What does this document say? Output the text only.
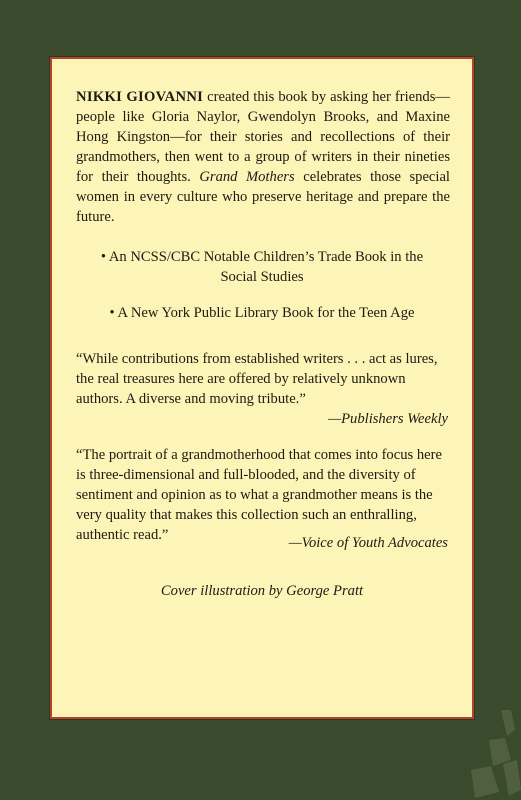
NIKKI GIOVANNI created this book by asking her friends—people like Gloria Naylor, Gwendolyn Brooks, and Maxine Hong Kingston—for their stories and recollections of their grandmothers, then went to a group of writers in their nineties for their thoughts. Grand Mothers celebrates those special women in every culture who preserve heritage and prepare the future.

• An NCSS/CBC Notable Children’s Trade Book in the Social Studies

• A New York Public Library Book for the Teen Age

“While contributions from established writers . . . act as lures, the real treasures here are offered by relatively unknown authors. A diverse and moving tribute.”

—Publishers Weekly

“The portrait of a grandmotherhood that comes into focus here is three-dimensional and full-blooded, and the diversity of sentiment and opinion as to what a grandmother means is the very quality that makes this collection such an enthralling, authentic read.”	—Voice of Youth Advocates
Cover illustration by George Pratt
